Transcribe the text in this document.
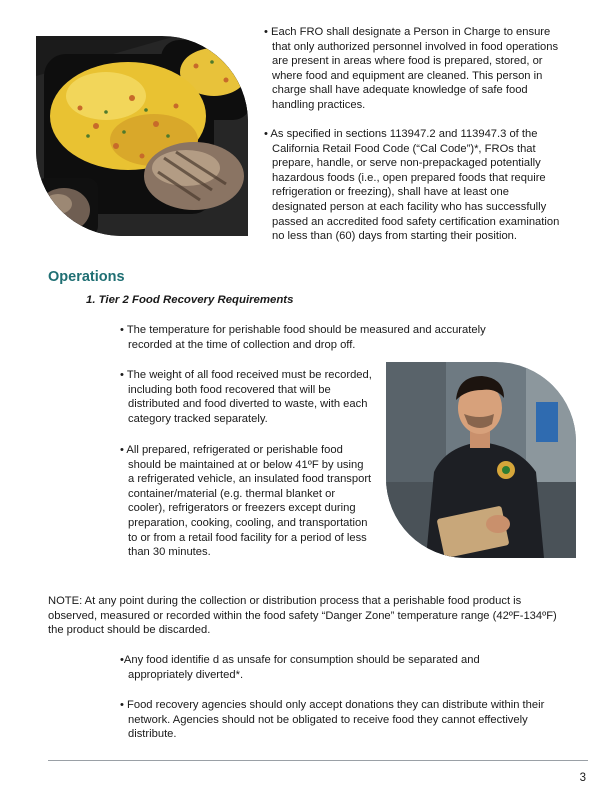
• Each FRO shall designate a Person in Charge to ensure that only authorized personnel involved in food operations are present in areas where food is prepared, stored, or where food and equipment are cleaned. This person in charge shall have adequate knowledge of safe food handling practices.

• As specified in sections 113947.2 and 113947.3 of the California Retail Food Code (“Cal Code”)*, FROs that prepare, handle, or serve non-prepackaged potentially hazardous foods (i.e., open prepared foods that require refrigeration or freezing), shall have at least one designated person at each facility who has successfully passed an accredited food safety certification examination no less than (60) days from starting their position.

Operations

1. Tier 2 Food Recovery Requirements

• The temperature for perishable food should be measured and accurately recorded at the time of collection and drop off.

• The weight of all food received must be recorded, including both food recovered that will be distributed and food diverted to waste, with each category tracked separately.

• All prepared, refrigerated or perishable food should be maintained at or below 41ºF by using a refrigerated vehicle, an insulated food transport container/material (e.g. thermal blanket or cooler), refrigerators or freezers except during preparation, cooking, cooling, and transportation to or from a retail food facility for a period of less than 30 minutes.

NOTE: At any point during the collection or distribution process that a perishable food product is observed, measured or recorded within the food safety “Danger Zone” temperature range (42ºF-134ºF) the product should be discarded.

•Any food identifie d as unsafe for consumption should be separated and appropriately diverted*.

• Food recovery agencies should only accept donations they can distribute within their network. Agencies should not be obligated to receive food they cannot effectively distribute.

3
